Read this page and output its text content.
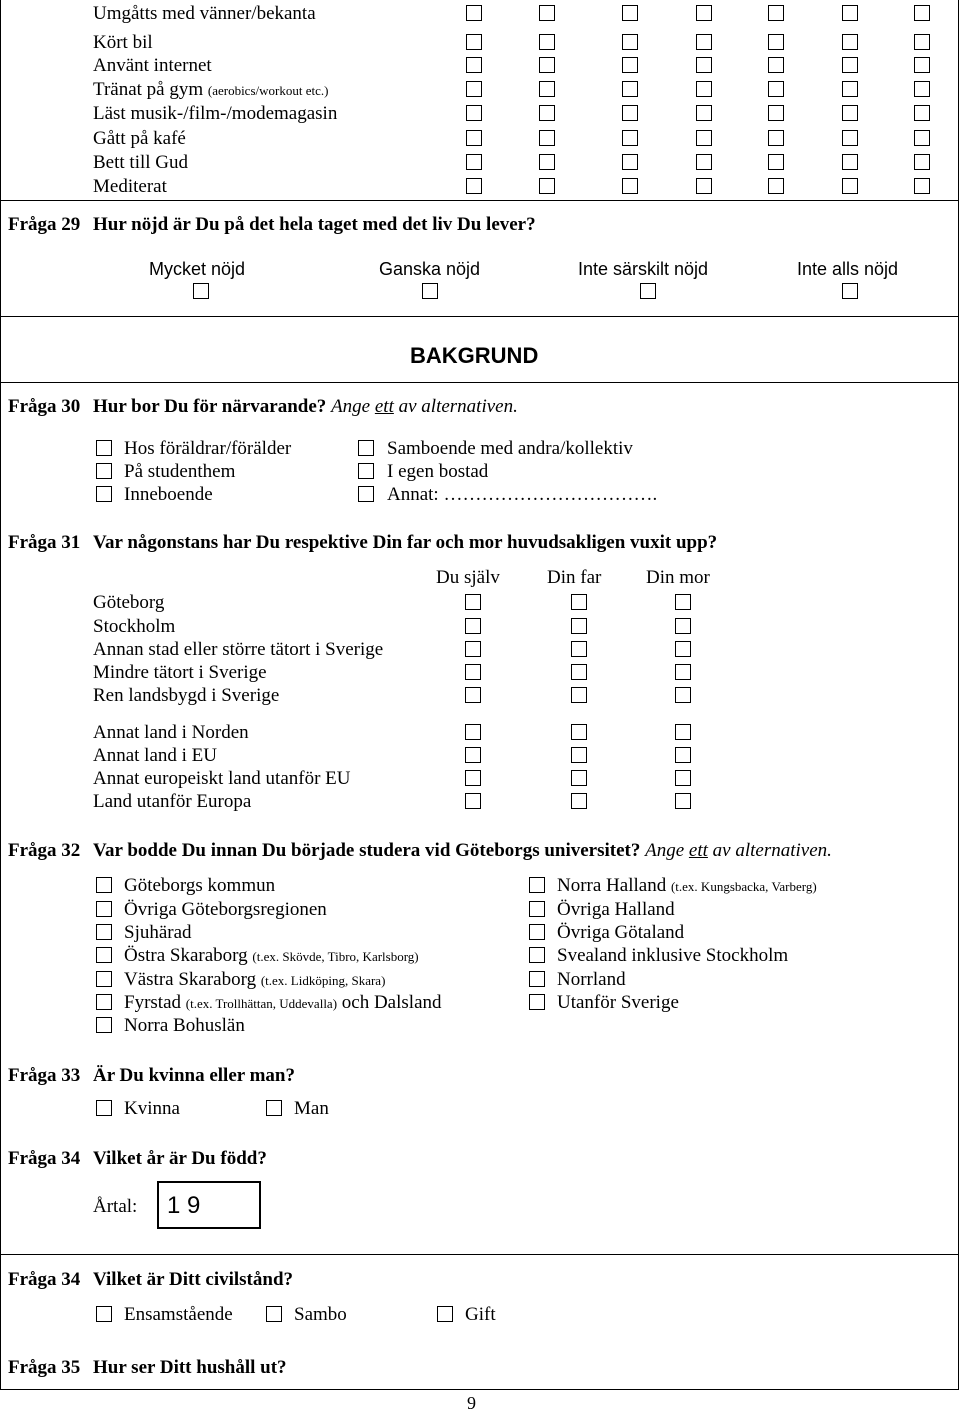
Umgåtts med vänner/bekanta
Kört bil
Använt internet
Tränat på gym (aerobics/workout etc.)
Läst musik-/film-/modemagasin
Gått på kafé
Bett till Gud
Mediterat
Fråga 29 Hur nöjd är Du på det hela taget med det liv Du lever?
Mycket nöjd	Ganska nöjd	Inte särskilt nöjd	Inte alls nöjd
BAKGRUND
Fråga 30 Hur bor Du för närvarande? Ange ett av alternativen.
Hos föräldrar/förälder
På studenthem
Inneboende
Samboende med andra/kollektiv
I egen bostad
Annat: …………………………….
Fråga 31 Var någonstans har Du respektive Din far och mor huvudsakligen vuxit upp?
Du själv Din far Din mor
Göteborg
Stockholm
Annan stad eller större tätort i Sverige
Mindre tätort i Sverige
Ren landsbygd i Sverige
Annat land i Norden
Annat land i EU
Annat europeiskt land utanför EU
Land utanför Europa
Fråga 32 Var bodde Du innan Du började studera vid Göteborgs universitet? Ange ett av alternativen.
Göteborgs kommun
Övriga Göteborgsregionen
Sjuhärad
Östra Skaraborg (t.ex. Skövde, Tibro, Karlsborg)
Västra Skaraborg (t.ex. Lidköping, Skara)
Fyrstad (t.ex. Trollhättan, Uddevalla) och Dalsland
Norra Bohuslän
Norra Halland (t.ex. Kungsbacka, Varberg)
Övriga Halland
Övriga Götaland
Svealand inklusive Stockholm
Norrland
Utanför Sverige
Fråga 33 Är Du kvinna eller man?
Kvinna	Man
Fråga 34 Vilket år är Du född?
Årtal: 1 9
Fråga 34 Vilket är Ditt civilstånd?
Ensamstående	Sambo	Gift
Fråga 35 Hur ser Ditt hushåll ut?
9
